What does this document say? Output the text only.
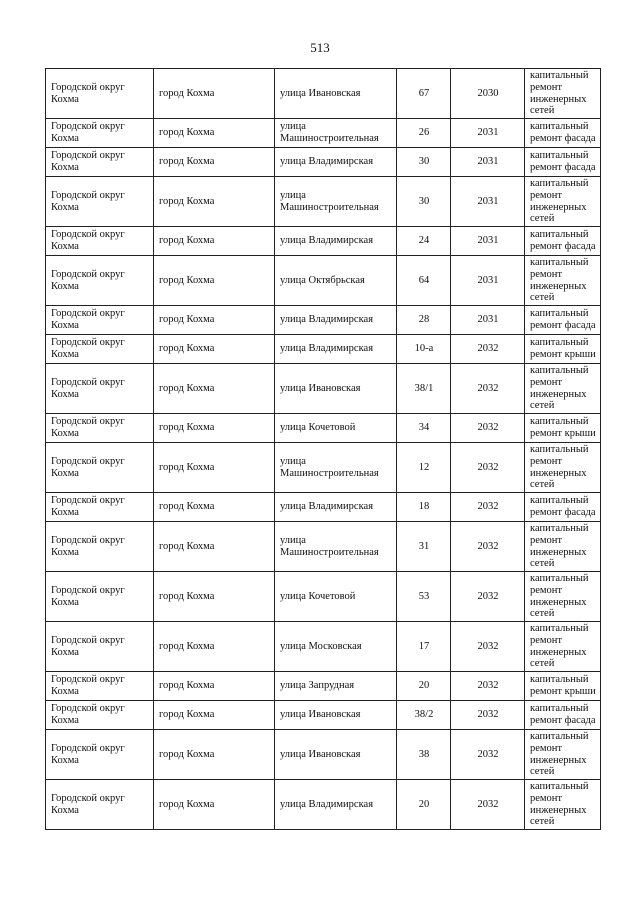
513
Городской округ Кохма	город Кохма	улица Ивановская	67	2030	капитальный ремонт инженерных сетей
Городской округ Кохма	город Кохма	улица Машиностроительная	26	2031	капитальный ремонт фасада
Городской округ Кохма	город Кохма	улица Владимирская	30	2031	капитальный ремонт фасада
Городской округ Кохма	город Кохма	улица Машиностроительная	30	2031	капитальный ремонт инженерных сетей
Городской округ Кохма	город Кохма	улица Владимирская	24	2031	капитальный ремонт фасада
Городской округ Кохма	город Кохма	улица Октябрьская	64	2031	капитальный ремонт инженерных сетей
Городской округ Кохма	город Кохма	улица Владимирская	28	2031	капитальный ремонт фасада
Городской округ Кохма	город Кохма	улица Владимирская	10-а	2032	капитальный ремонт крыши
Городской округ Кохма	город Кохма	улица Ивановская	38/1	2032	капитальный ремонт инженерных сетей
Городской округ Кохма	город Кохма	улица Кочетовой	34	2032	капитальный ремонт крыши
Городской округ Кохма	город Кохма	улица Машиностроительная	12	2032	капитальный ремонт инженерных сетей
Городской округ Кохма	город Кохма	улица Владимирская	18	2032	капитальный ремонт фасада
Городской округ Кохма	город Кохма	улица Машиностроительная	31	2032	капитальный ремонт инженерных сетей
Городской округ Кохма	город Кохма	улица Кочетовой	53	2032	капитальный ремонт инженерных сетей
Городской округ Кохма	город Кохма	улица Московская	17	2032	капитальный ремонт инженерных сетей
Городской округ Кохма	город Кохма	улица Запрудная	20	2032	капитальный ремонт крыши
Городской округ Кохма	город Кохма	улица Ивановская	38/2	2032	капитальный ремонт фасада
Городской округ Кохма	город Кохма	улица Ивановская	38	2032	капитальный ремонт инженерных сетей
Городской округ Кохма	город Кохма	улица Владимирская	20	2032	капитальный ремонт инженерных сетей
